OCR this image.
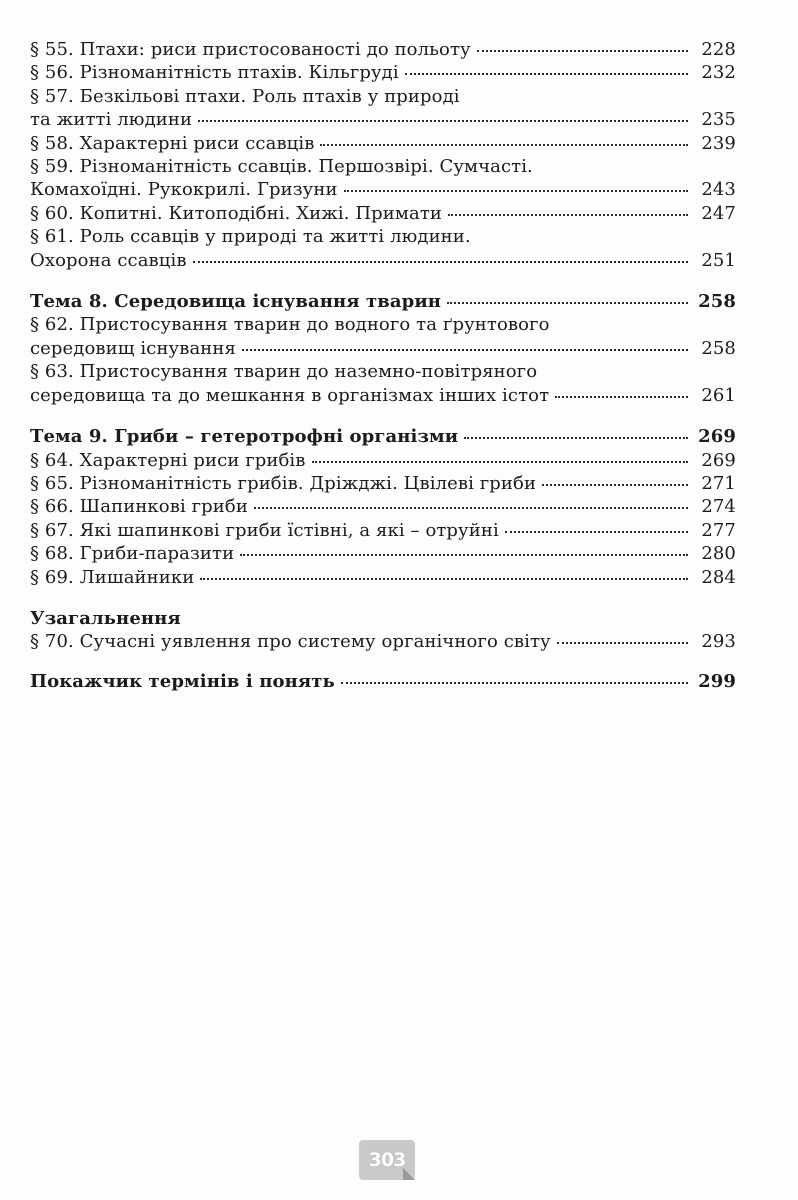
§ 55. Птахи: риси пристосованості до польоту	228
§ 56. Різноманітність птахів. Кільгруді	232
§ 57. Безкільові птахи. Роль птахів у природі
та житті людини	235
§ 58. Характерні риси ссавців	239
§ 59. Різноманітність ссавців. Першозвірі. Сумчасті.
Комахоїдні. Рукокрилі. Гризуни	243
§ 60. Копитні. Китоподібні. Хижі. Примати	247
§ 61. Роль ссавців у природі та житті людини.
Охорона ссавців	251
Тема 8. Середовища існування тварин	258
§ 62. Пристосування тварин до водного та ґрунтового
середовищ існування	258
§ 63. Пристосування тварин до наземно-повітряного
середовища та до мешкання в організмах інших істот	261
Тема 9. Гриби – гетеротрофні організми	269
§ 64. Характерні риси грибів	269
§ 65. Різноманітність грибів. Дріжджі. Цвілеві гриби	271
§ 66. Шапинкові гриби	274
§ 67. Які шапинкові гриби їстівні, а які – отруйні	277
§ 68. Гриби-паразити	280
§ 69. Лишайники	284
Узагальнення
§ 70. Сучасні уявлення про систему органічного світу	293
Покажчик термінів і понять	299
303
